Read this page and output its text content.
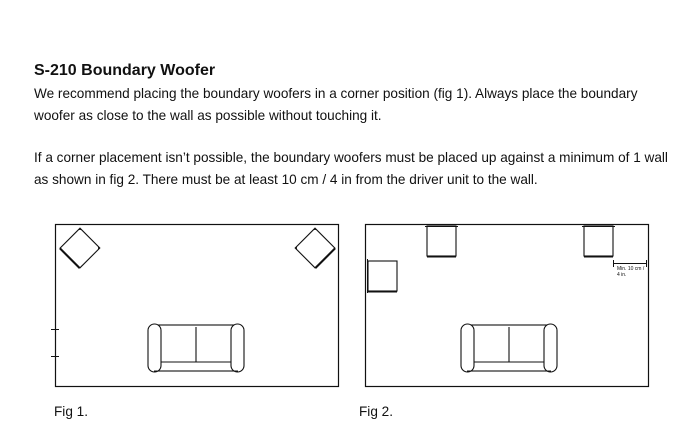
S-210 Boundary Woofer
We recommend placing the boundary woofers in a corner position (fig 1). Always place the boundary woofer as close to the wall as possible without touching it.
If a corner placement isn’t possible, the boundary woofers must be placed up against a minimum of 1 wall as shown in fig 2. There must be at least 10 cm / 4 in from the driver unit to the wall.
Min. 10 cm /
4 in.
Fig 1.	Fig 2.
